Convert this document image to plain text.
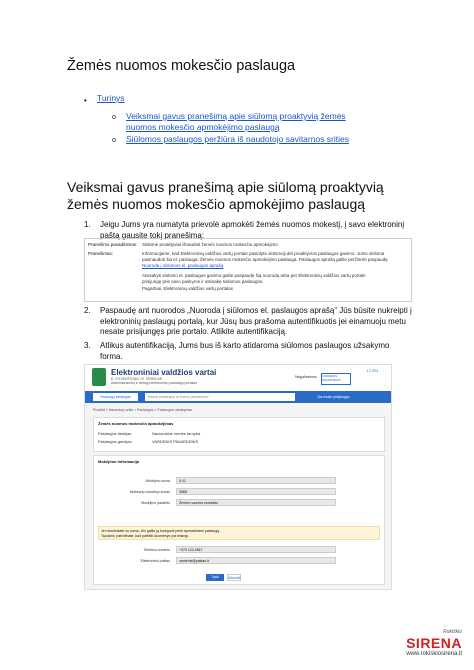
Žemės nuomos mokesčio paslauga
• Turinys
o Veiksmai gavus pranešimą apie siūlomą proaktyvią žemės nuomos mokesčio apmokėjimo paslaugą
o Siūlomos paslaugos peržiūra iš naudotojo savitarnos srities
Veiksmai gavus pranešimą apie siūlomą proaktyvią žemės nuomos mokesčio apmokėjimo paslaugą
1. Jeigu Jums yra numatyta prievolė apmokėti žemės nuomos mokestį, į savo elektroninį paštą gausite tokį pranešimą:
Pranešimo pavadinimas: Siūlome proaktyviai išnaudoti žemės nuomos mokesčio apmokėjimo
Pranešimas:	Informuojame, kad Elektroninių valdžios vartų portale pasiūlyta siūlomoji del proaktyvios paslaugos gavimo. Jums siūloma
pasinaudoti šia el. paslauga: Žemės nuomos mokesčio apmokėjimo paslauga. Paslaugos aprašą galite peržiūrėti paspaudę
Nuoroda į siūlomos el. paslaugos aprašą
Atsisakyti siūlomo el. paslaugos gavimo galite paspaudę šią nuorodą arba per Elektroninių valdžios vartų portale
prisijungę prie savo paskyros ir atsisakę siūlomos paslaugos.
Pagarbiai, Elektroninių valdžios vartų portalas
2. Paspaudę ant nuorodos „Nuoroda į siūlomos el. paslaugos aprašą“ Jūs būsite nukreipti į elektroninių paslaugų portalą, kur Jūsų bus prašoma autentifikuotis jei einamuoju metu nesate prisijungęs prie portalo. Atlikite autentifikaciją.
3. Atlikus autentifikaciją, Jums bus iš karto atidaroma siūlomos paslaugos užsakymo forma.
Elektroniniai valdžios vartai
E. GYVENTOJAS / E. VERSLAS
Administracinių ir viešųjų elektroninių paslaugų portalas
Neįgaliesiems	VARDENIS PAVARDENIS
LT EN
Paslaugų katalogas	Ieškoti paslaugos ar temos pavadinimo	Jūs esate prisijungęs
Pradžia > Naudotojo sritis > Paslaugos > Paslaugos užsakymas
Žemės nuomos mokesčio apmokėjimas
Paslaugos tiekėjas	Nacionalinė žemės tarnyba
Paslaugos gavėjas	VARDENIS PAVARDENIS
Mokėjimo informacija
Mokėjimo suma	5.01
Mokesčių mokėtojo kodas	3888
Mokėjimo paskirtis	Žemės nuomos mokestis
Jei nesutinkate su suma, Jūs galite ją koreguoti prieš apmokėdami paslaugą.
Tęsdami, patvirtinate, kad pateikti duomenys yra teisingi.
Telefono numeris	+370 123 4567
Elektroninis paštas	vardenis@pastas.lt
Tęsti	Atšaukti
Rokiškio
SIRENA
www.rokiskiosirena.lt
